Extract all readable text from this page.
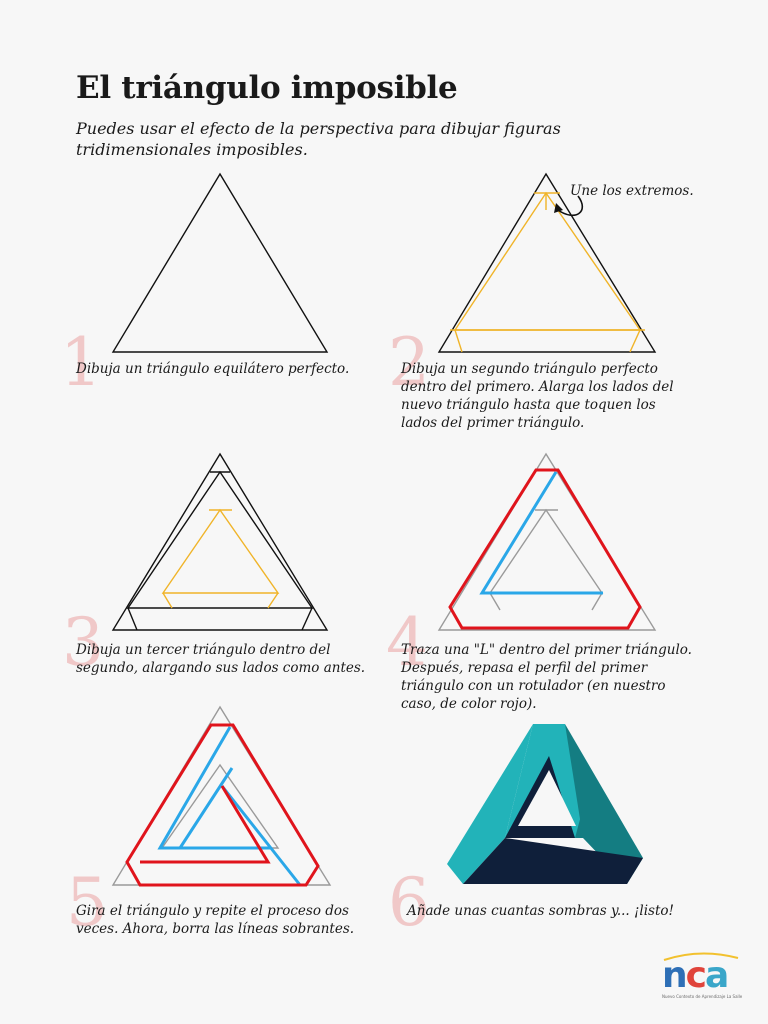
El triángulo imposible

Puedes usar el efecto de la perspectiva para dibujar figuras tridimensionales imposibles.

1	2
3	4
5	6

Une los extremos.

Dibuja un triángulo equilátero perfecto.	Dibuja un segundo triángulo perfecto dentro del primero. Alarga los lados del nuevo triángulo hasta que toquen los lados del primer triángulo.

Dibuja un tercer triángulo dentro del segundo, alargando sus lados como antes.

Traza una "L" dentro del primer triángulo. Después, repasa el perfil del primer triángulo con un rotulador (en nuestro caso, de color rojo).

Gira el triángulo y repite el proceso dos veces. Ahora, borra las líneas sobrantes.

Añade unas cuantas sombras y... ¡listo!

nca
Nuevo Contexto de Aprendizaje La Salle
